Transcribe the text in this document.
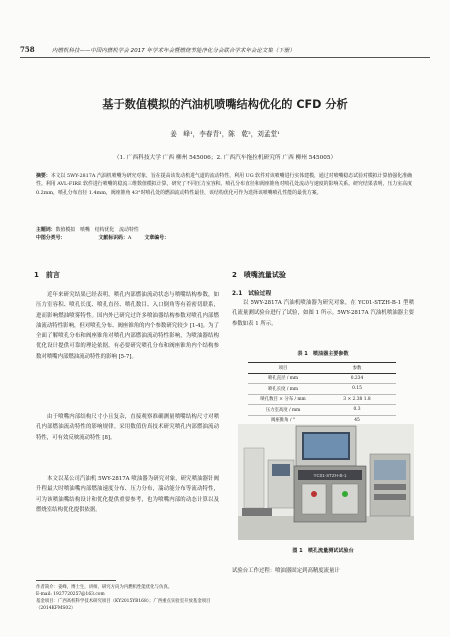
758	内燃机科技——中国内燃机学会 2017 年学术年会暨燃烧节能净化分会联合学术年会论文集（下册）
基于数值模拟的汽油机喷嘴结构优化的 CFD 分析
姜　峰¹，李春青¹，陈　乾²，刘孟堂¹
（1. 广西科技大学 广西 柳州 545006；2. 广西汽车拖拉机研究所 广西 柳州 545005）
摘要：本文以 5WY-2817A 汽油机喷嘴为研究对象，旨在提高该发动机进气道的流动特性，利用 UG 软件对该喷嘴进行实体建模，通过对喷嘴稳态试验对模拟计算值强化准确性。利用 AVL-FIRE 软件进行喷嘴的稳流三维数值模拟计算，研究了不同压力室容积、喷孔分布直径和阀座锥角对喷孔处流动与速度的影响关系。研究结果表明，压力室高度 0.2mm，喷孔分布直径 1.4mm，阀座锥角 43°时喷孔处的燃油流动特性最佳，该结构优化可作为选择该喷嘴喷孔性能的最优方案。
主题词：数值模拟　喷嘴　结构优化　流动特性
中图分类号：	文献标识码：A	文章编号：
1　前言
近年来研究结果已经表明，喷孔内部燃油流动状态与喷嘴结构参数，如压力室容积、喷孔长度、喷孔直径、喷孔数目、入口倒角等有着密切联系，进而影响燃油喷雾特性。国内外已研究过许多喷油器结构参数对喷孔内部燃油流动特性影响，但对喷孔分布、阀座锥角的内个参数研究较少 [1-4]。为了全面了解喷孔分布和阀座锥角对喷孔内部燃油流动特性影响，为喷油器结构优化设计提供可靠的理论依据，有必要研究喷孔分布和阀座锥角内个结构参数对喷嘴内部燃油流动特性的影响 [5-7]。
由于喷嘴内部结构尺寸小且复杂，直接观察准确测量喷嘴结构尺寸对喷孔内部燃油流动特性的影响规律。采用数值仿真技术研究喷孔内部燃油流动特性，可有效反映流动特性 [8]。
本文以某公司汽油机 5WY-2817A 喷油器为研究对象，研究喷油器针阀升程最大时喷油嘴内部燃油速度分布、压力分布，湍动能分布等流动特性，可为该喷油嘴结构设计和优化提供重要参考，也为喷嘴内部的动态计算以及燃烧室结构优化提供依据。
作者简介：姜峰，博士生，讲师，研究方向为内燃机性能优化与仿真。
E-mail: 1927720257@163.com
基金项目：广西高校科学技术研究项目（KY2015YB168）；广西重点实验室开放基金项目（2014KFMS02）
2　喷嘴流量试验
2.1　试验过程
以 5WY-2817A 汽油机喷油器为研究对象，在 YC01-STZH-B-1 型喷孔流量测试验台进行了试验，如图 1 所示。5WY-2817A 汽油机喷油器主要参数如表 1 所示。
表 1　喷油器主要参数
项目	参数
喷孔直径 / mm	0.234
喷孔长度 / mm	0.15
喷孔数目 × 分布 / mm	3 × 2.38 1.8
压力室高度 / mm	0.3
阀座锥角 / °	45

YC01-STZH-B-1
图 1　喷孔流量测试试验台
试验台工作过程：喷油器固定到高精度流量计
